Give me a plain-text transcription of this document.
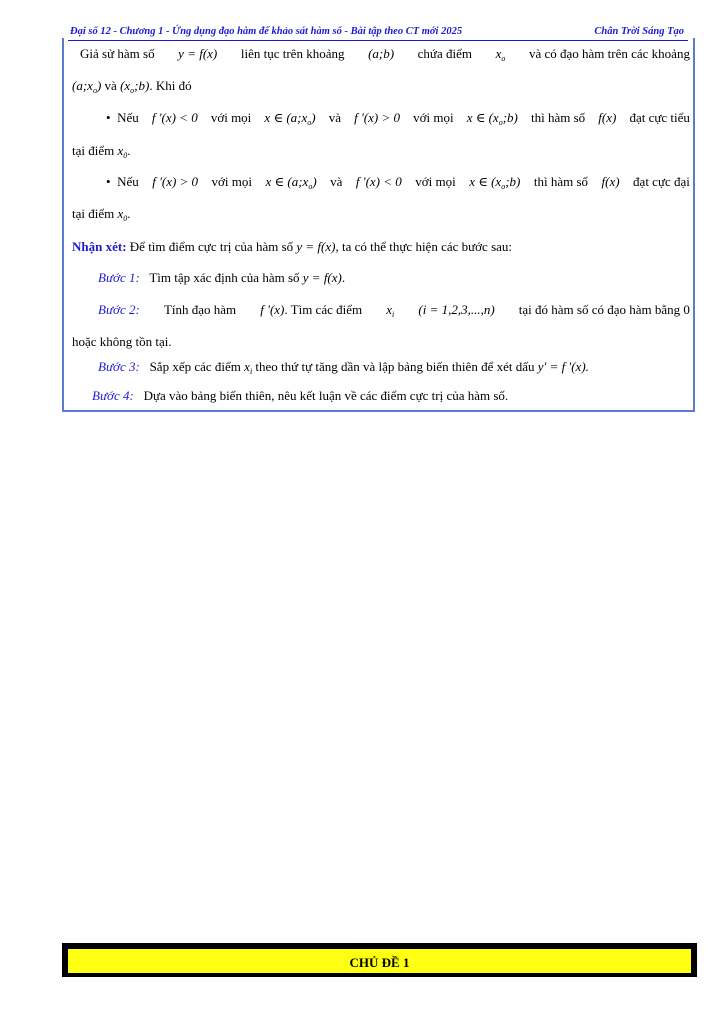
Đại số 12 - Chương 1 - Ứng dụng đạo hàm để khảo sát hàm số - Bài tập theo CT mới 2025	Chân Trời Sáng Tạo
Giả sử hàm số y = f(x) liên tục trên khoảng (a;b) chứa điểm $x_o$ và có đạo hàm trên các khoảng
$(a;x_o)$ và $(x_o;b)$. Khi đó
• Nếu f '(x) < 0 với mọi x ∈ $(a;x_o)$ và f '(x) > 0 với mọi x ∈ $(x_o;b)$ thì hàm số f(x) đạt cực tiểu
tại điểm $x_0$.
• Nếu f '(x) > 0 với mọi x ∈ $(a;x_o)$ và f '(x) < 0 với mọi x ∈ $(x_o;b)$ thì hàm số f(x) đạt cực đại
tại điểm $x_0$.
Nhận xét: Để tìm điểm cực trị của hàm số y = f(x), ta có thể thực hiện các bước sau:
Bước 1: Tìm tập xác định của hàm số y = f(x).
Bước 2: Tính đạo hàm f '(x). Tìm các điểm $x_i$ (i = 1,2,3,...,n) tại đó hàm số có đạo hàm bằng 0
hoặc không tồn tại.
Bước 3: Sắp xếp các điểm $x_i$ theo thứ tự tăng dần và lập bảng biến thiên để xét dấu y' = f '(x).
Bước 4: Dựa vào bảng biến thiên, nêu kết luận về các điểm cực trị của hàm số.
CHỦ ĐỀ 1
